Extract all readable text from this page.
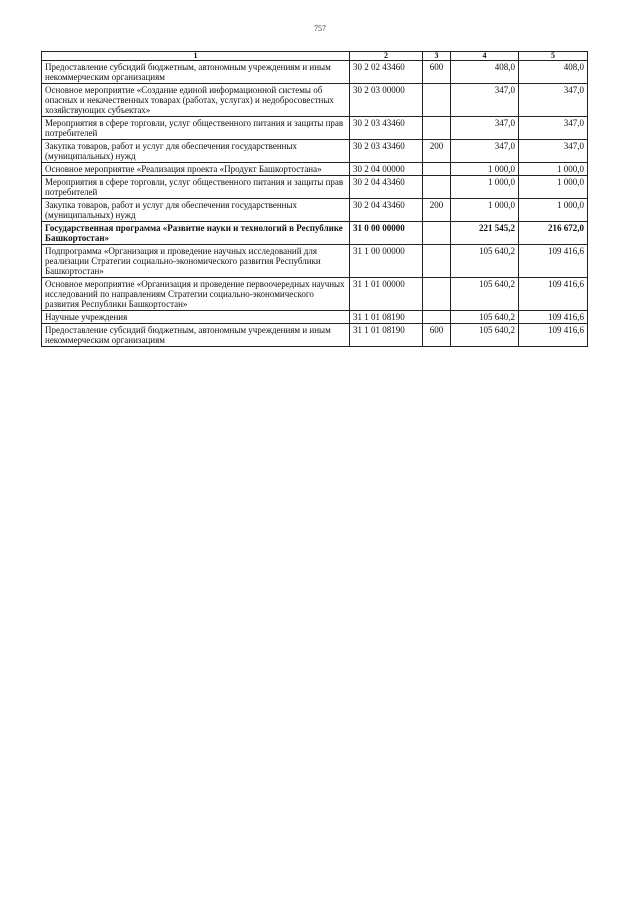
757
1	2	3	4	5
Предоставление субсидий бюджетным, автономным учреждениям и иным некоммерческим организациям	30 2 02 43460	600	408,0	408,0
Основное мероприятие «Создание единой информационной системы об опасных и некачественных товарах (работах, услугах) и недобросовестных хозяйствующих субъектах»	30 2 03 00000		347,0	347,0
Мероприятия в сфере торговли, услуг общественного питания и защиты прав потребителей	30 2 03 43460		347,0	347,0
Закупка товаров, работ и услуг для обеспечения государственных (муниципальных) нужд	30 2 03 43460	200	347,0	347,0
Основное мероприятие «Реализация проекта «Продукт Башкортостана»	30 2 04 00000		1 000,0	1 000,0
Мероприятия в сфере торговли, услуг общественного питания и защиты прав потребителей	30 2 04 43460		1 000,0	1 000,0
Закупка товаров, работ и услуг для обеспечения государственных (муниципальных) нужд	30 2 04 43460	200	1 000,0	1 000,0
Государственная программа «Развитие науки и технологий в Республике Башкортостан»	31 0 00 00000		221 545,2	216 672,0
Подпрограмма «Организация и проведение научных исследований для реализации Стратегии социально-экономического развития Республики Башкортостан»	31 1 00 00000		105 640,2	109 416,6
Основное мероприятие «Организация и проведение первоочередных научных исследований по направлениям Стратегии социально-экономического развития Республики Башкортостан»	31 1 01 00000		105 640,2	109 416,6
Научные учреждения	31 1 01 08190		105 640,2	109 416,6
Предоставление субсидий бюджетным, автономным учреждениям и иным некоммерческим организациям	31 1 01 08190	600	105 640,2	109 416,6
